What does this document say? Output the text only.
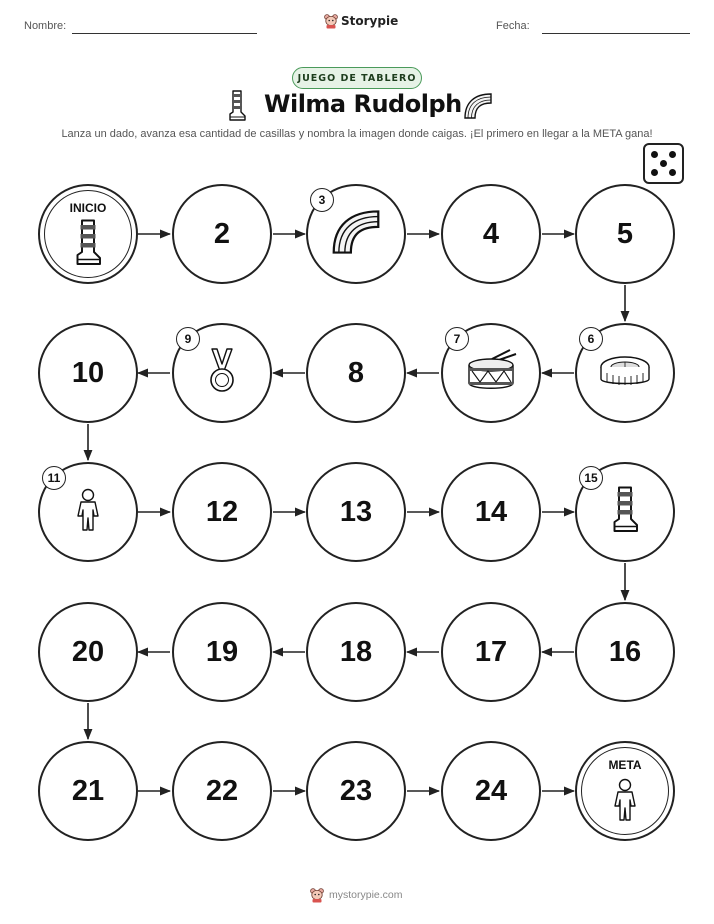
Nombre:	Fecha:
Storypie
JUEGO DE TABLERO
Wilma Rudolph
Lanza un dado, avanza esa cantidad de casillas y nombra la imagen donde caigas. ¡El primero en llegar a la META gana!
INICIO
2
3
4	5
6
7
8
9
10
11
12	13	14
15
16
17
18
19
20
21	22	23	24
META
mystorypie.com
